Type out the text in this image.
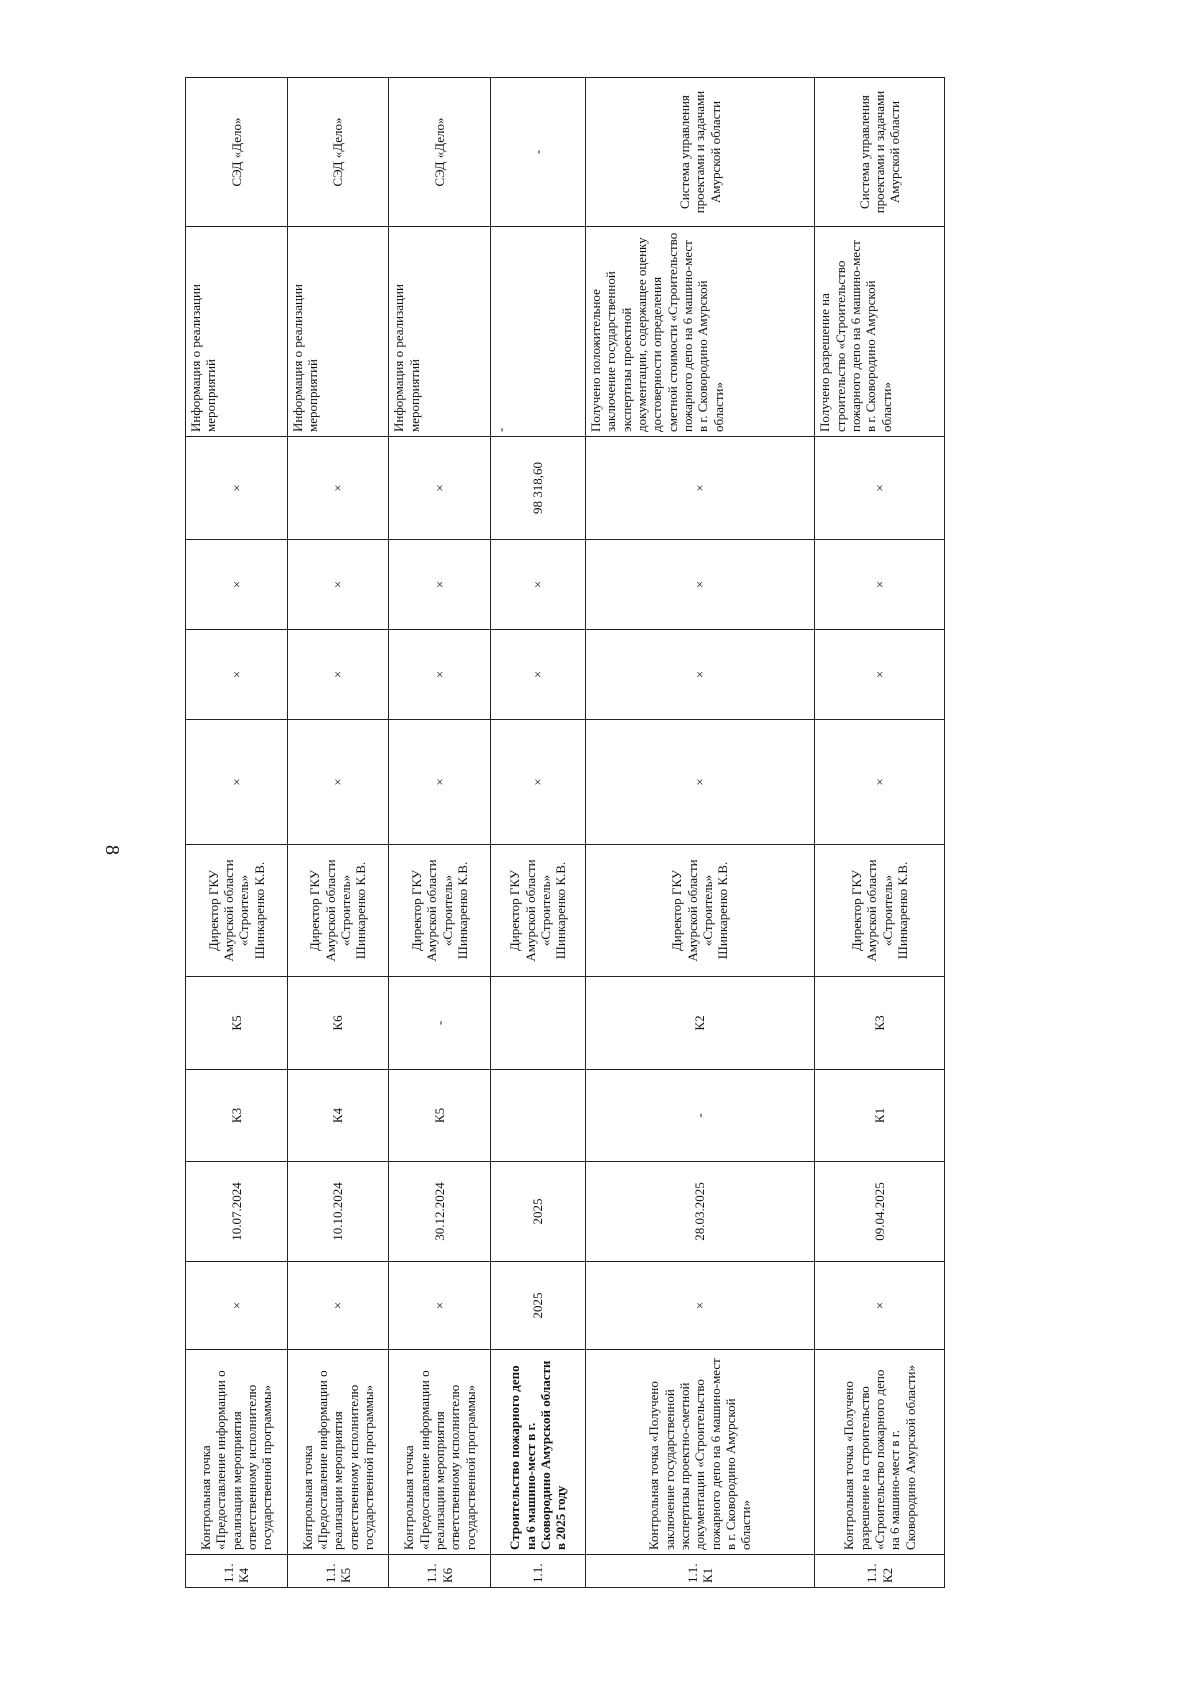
8
1.1.К4	Контрольная точка «Предоставление информации о реализации мероприятия ответственному исполнителю государственной программы»	×	10.07.2024	К3	К5	Директор ГКУ Амурской области «Строитель» Шинкаренко К.В.	×	×	×	×	Информация о реализации мероприятий	СЭД «Дело»
1.1.К5	Контрольная точка «Предоставление информации о реализации мероприятия ответственному исполнителю государственной программы»	×	10.10.2024	К4	К6	Директор ГКУ Амурской области «Строитель» Шинкаренко К.В.	×	×	×	×	Информация о реализации мероприятий	СЭД «Дело»
1.1.К6	Контрольная точка «Предоставление информации о реализации мероприятия ответственному исполнителю государственной программы»	×	30.12.2024	К5	-	Директор ГКУ Амурской области «Строитель» Шинкаренко К.В.	×	×	×	×	Информация о реализации мероприятий	СЭД «Дело»
1.1.	Строительство пожарного депо на 6 машино-мест в г. Сковородино Амурской области в 2025 году	2025	2025			Директор ГКУ Амурской области «Строитель» Шинкаренко К.В.	×	×	×	98 318,60	-	-
1.1.К1	Контрольная точка «Получено заключение государственной экспертизы проектно-сметной документации «Строительство пожарного депо на 6 машино-мест в г. Сковородино Амурской области»	×	28.03.2025	-	К2	Директор ГКУ Амурской области «Строитель» Шинкаренко К.В.	×	×	×	×	Получено положительное заключение государственной экспертизы проектной документации, содержащее оценку достоверности определения сметной стоимости «Строительство пожарного депо на 6 машино-мест в г. Сковородино Амурской области»	Система управления проектами и задачами Амурской области
1.1.К2	Контрольная точка «Получено разрешение на строительство «Строительство пожарного депо на 6 машино-мест в г. Сковородино Амурской области»	×	09.04.2025	К1	К3	Директор ГКУ Амурской области «Строитель» Шинкаренко К.В.	×	×	×	×	Получено разрешение на строительство «Строительство пожарного депо на 6 машино-мест в г. Сковородино Амурской области»	Система управления проектами и задачами Амурской области
